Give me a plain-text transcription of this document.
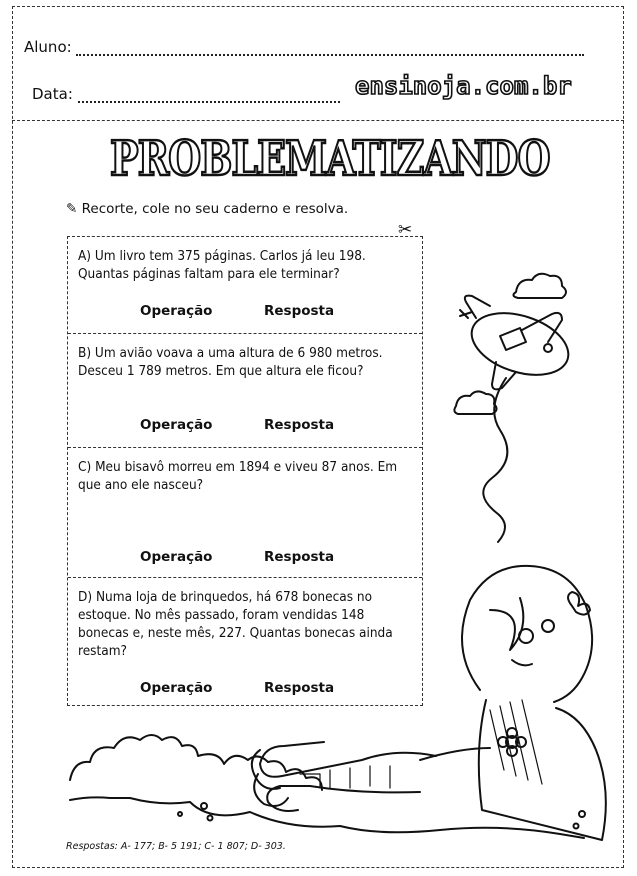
Aluno:
Data:	ensinoja.com.br
PROBLEMATIZANDO
✎ Recorte, cole no seu caderno e resolva.
✂
A) Um livro tem 375 páginas. Carlos já leu 198. Quantas páginas faltam para ele terminar?
Operação	Resposta
B) Um avião voava a uma altura de 6 980 metros. Desceu 1 789 metros. Em que altura ele ficou?
Operação	Resposta
C) Meu bisavô morreu em 1894 e viveu 87 anos. Em que ano ele nasceu?
Operação	Resposta
D) Numa loja de brinquedos, há 678 bonecas no estoque. No mês passado, foram vendidas 148 bonecas e, neste mês, 227. Quantas bonecas ainda restam?
Operação	Resposta
Respostas: A- 177; B- 5 191; C- 1 807; D- 303.
